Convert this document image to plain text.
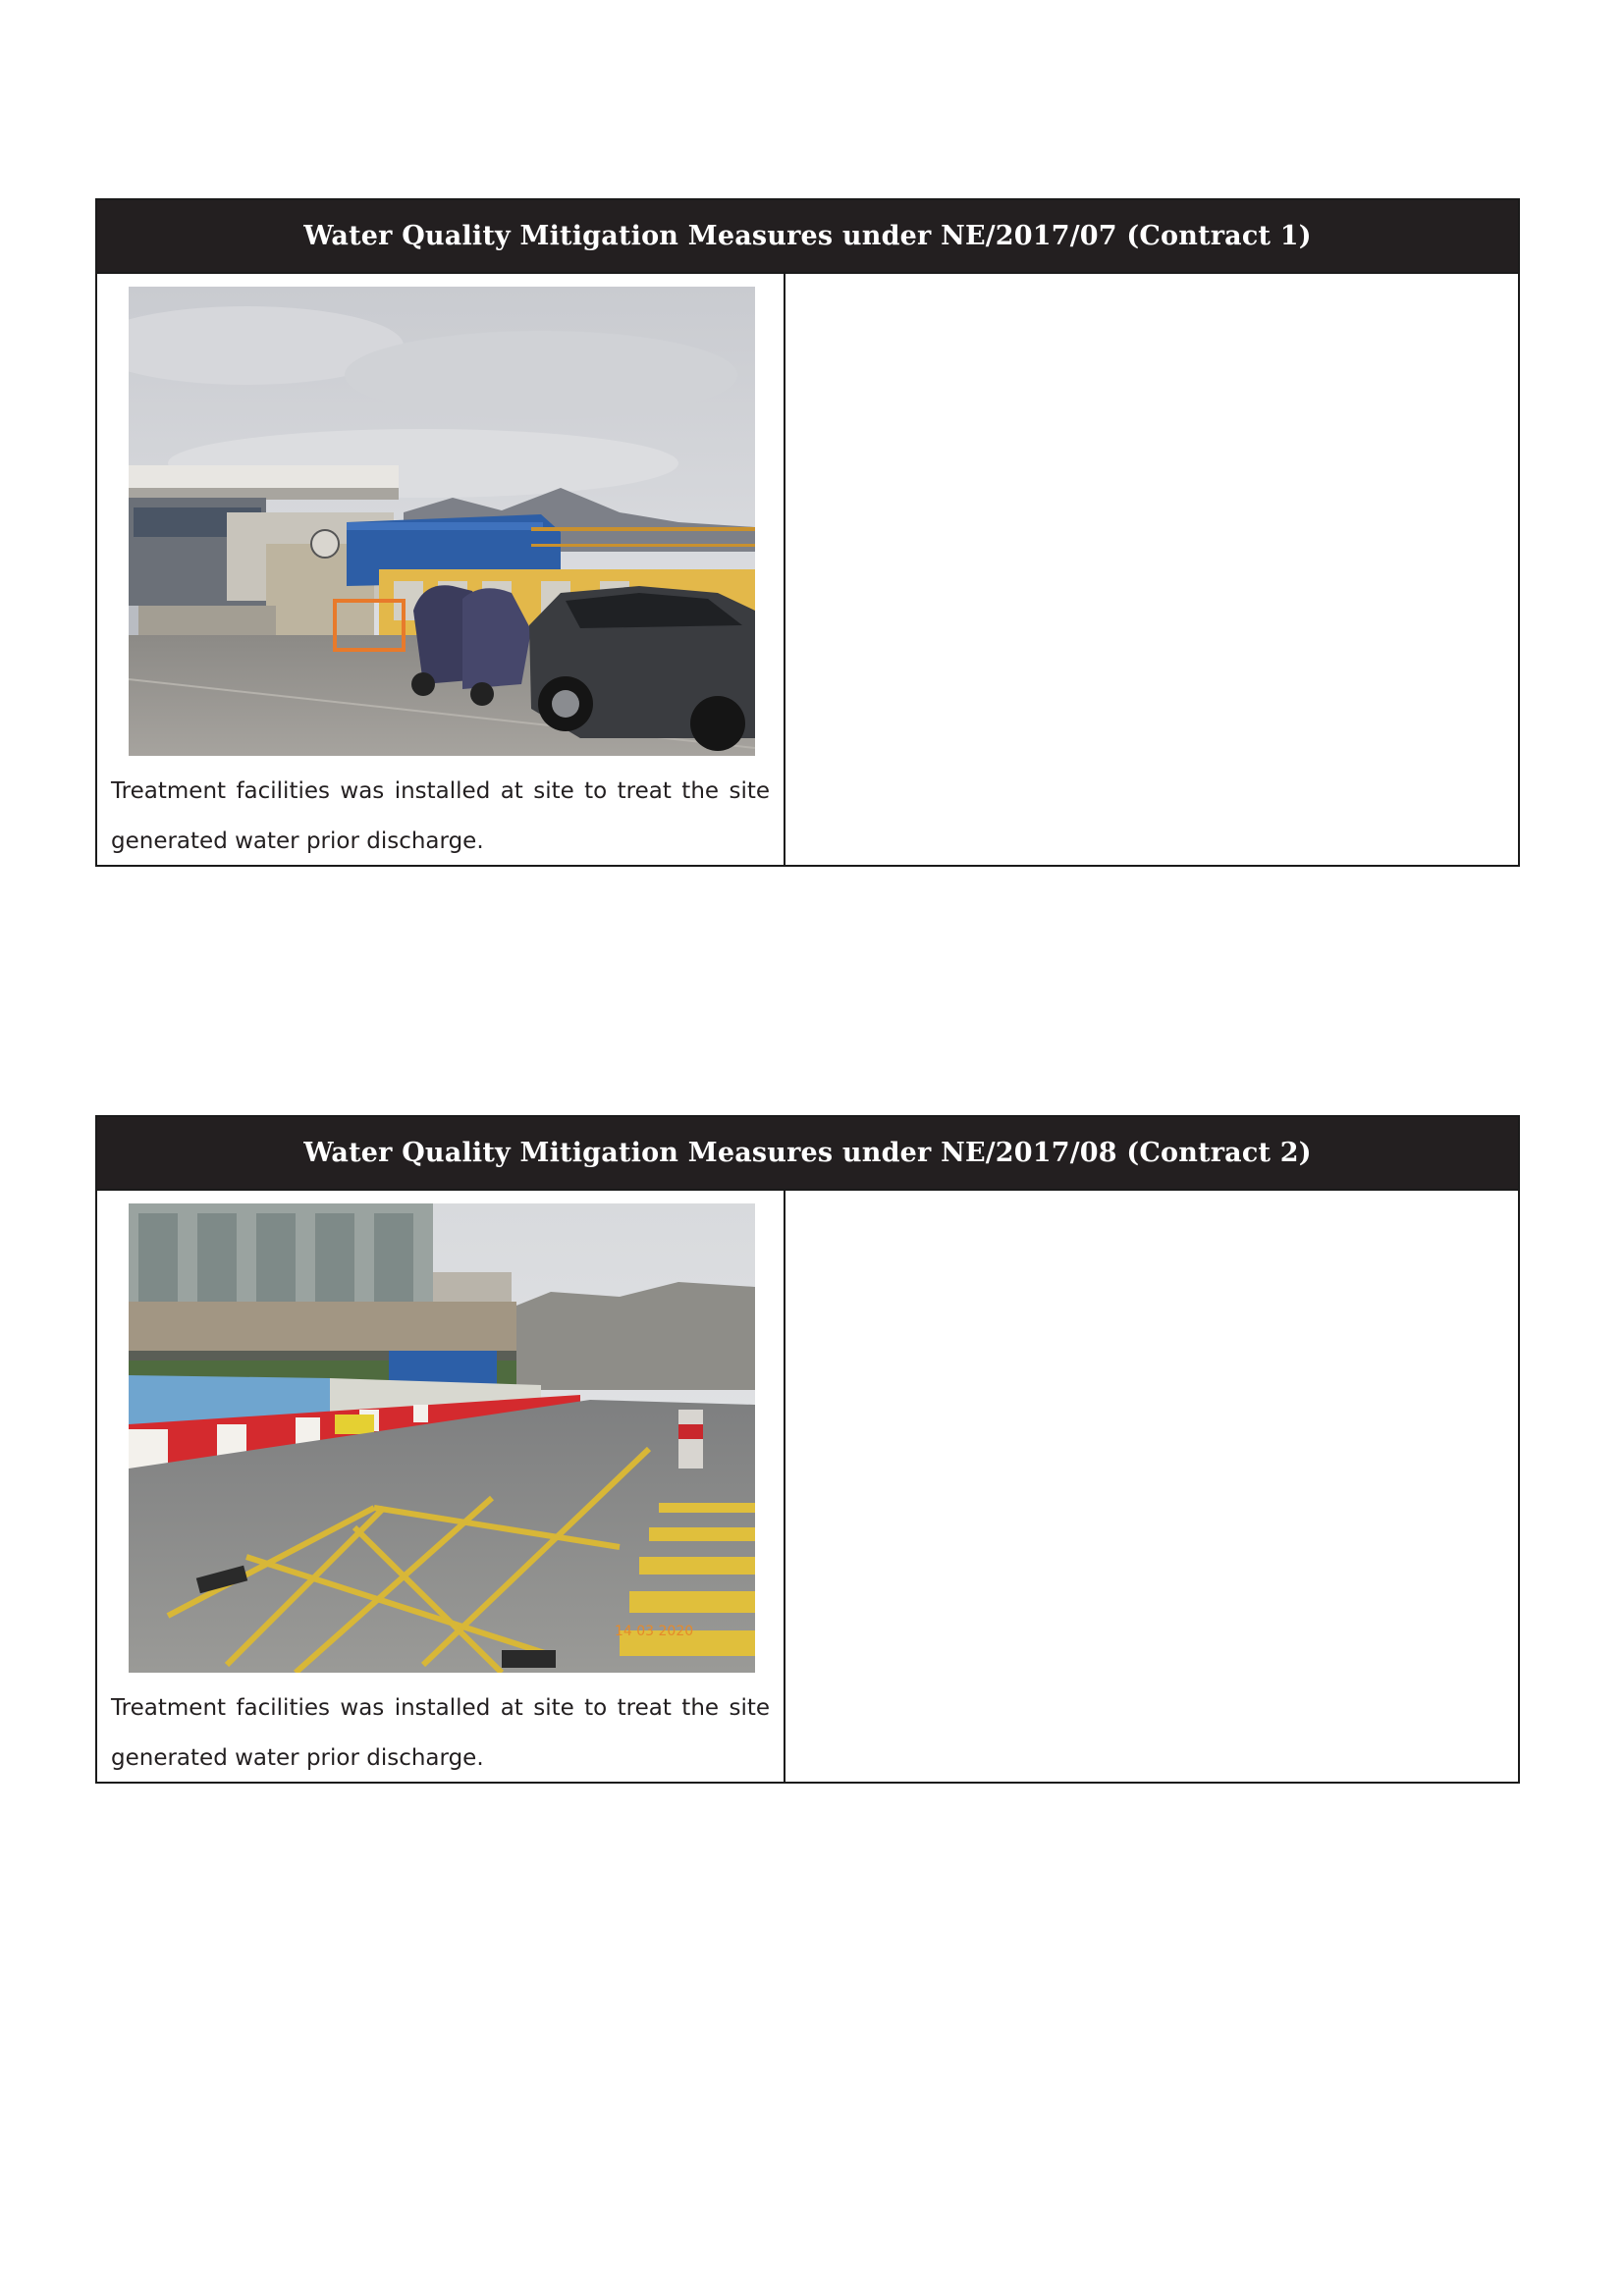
Water Quality Mitigation Measures under NE/2017/07 (Contract 1)
Treatment facilities was installed at site to treat the site generated water prior discharge.
Water Quality Mitigation Measures under NE/2017/08 (Contract 2)
14 03 2020
Treatment facilities was installed at site to treat the site generated water prior discharge.
